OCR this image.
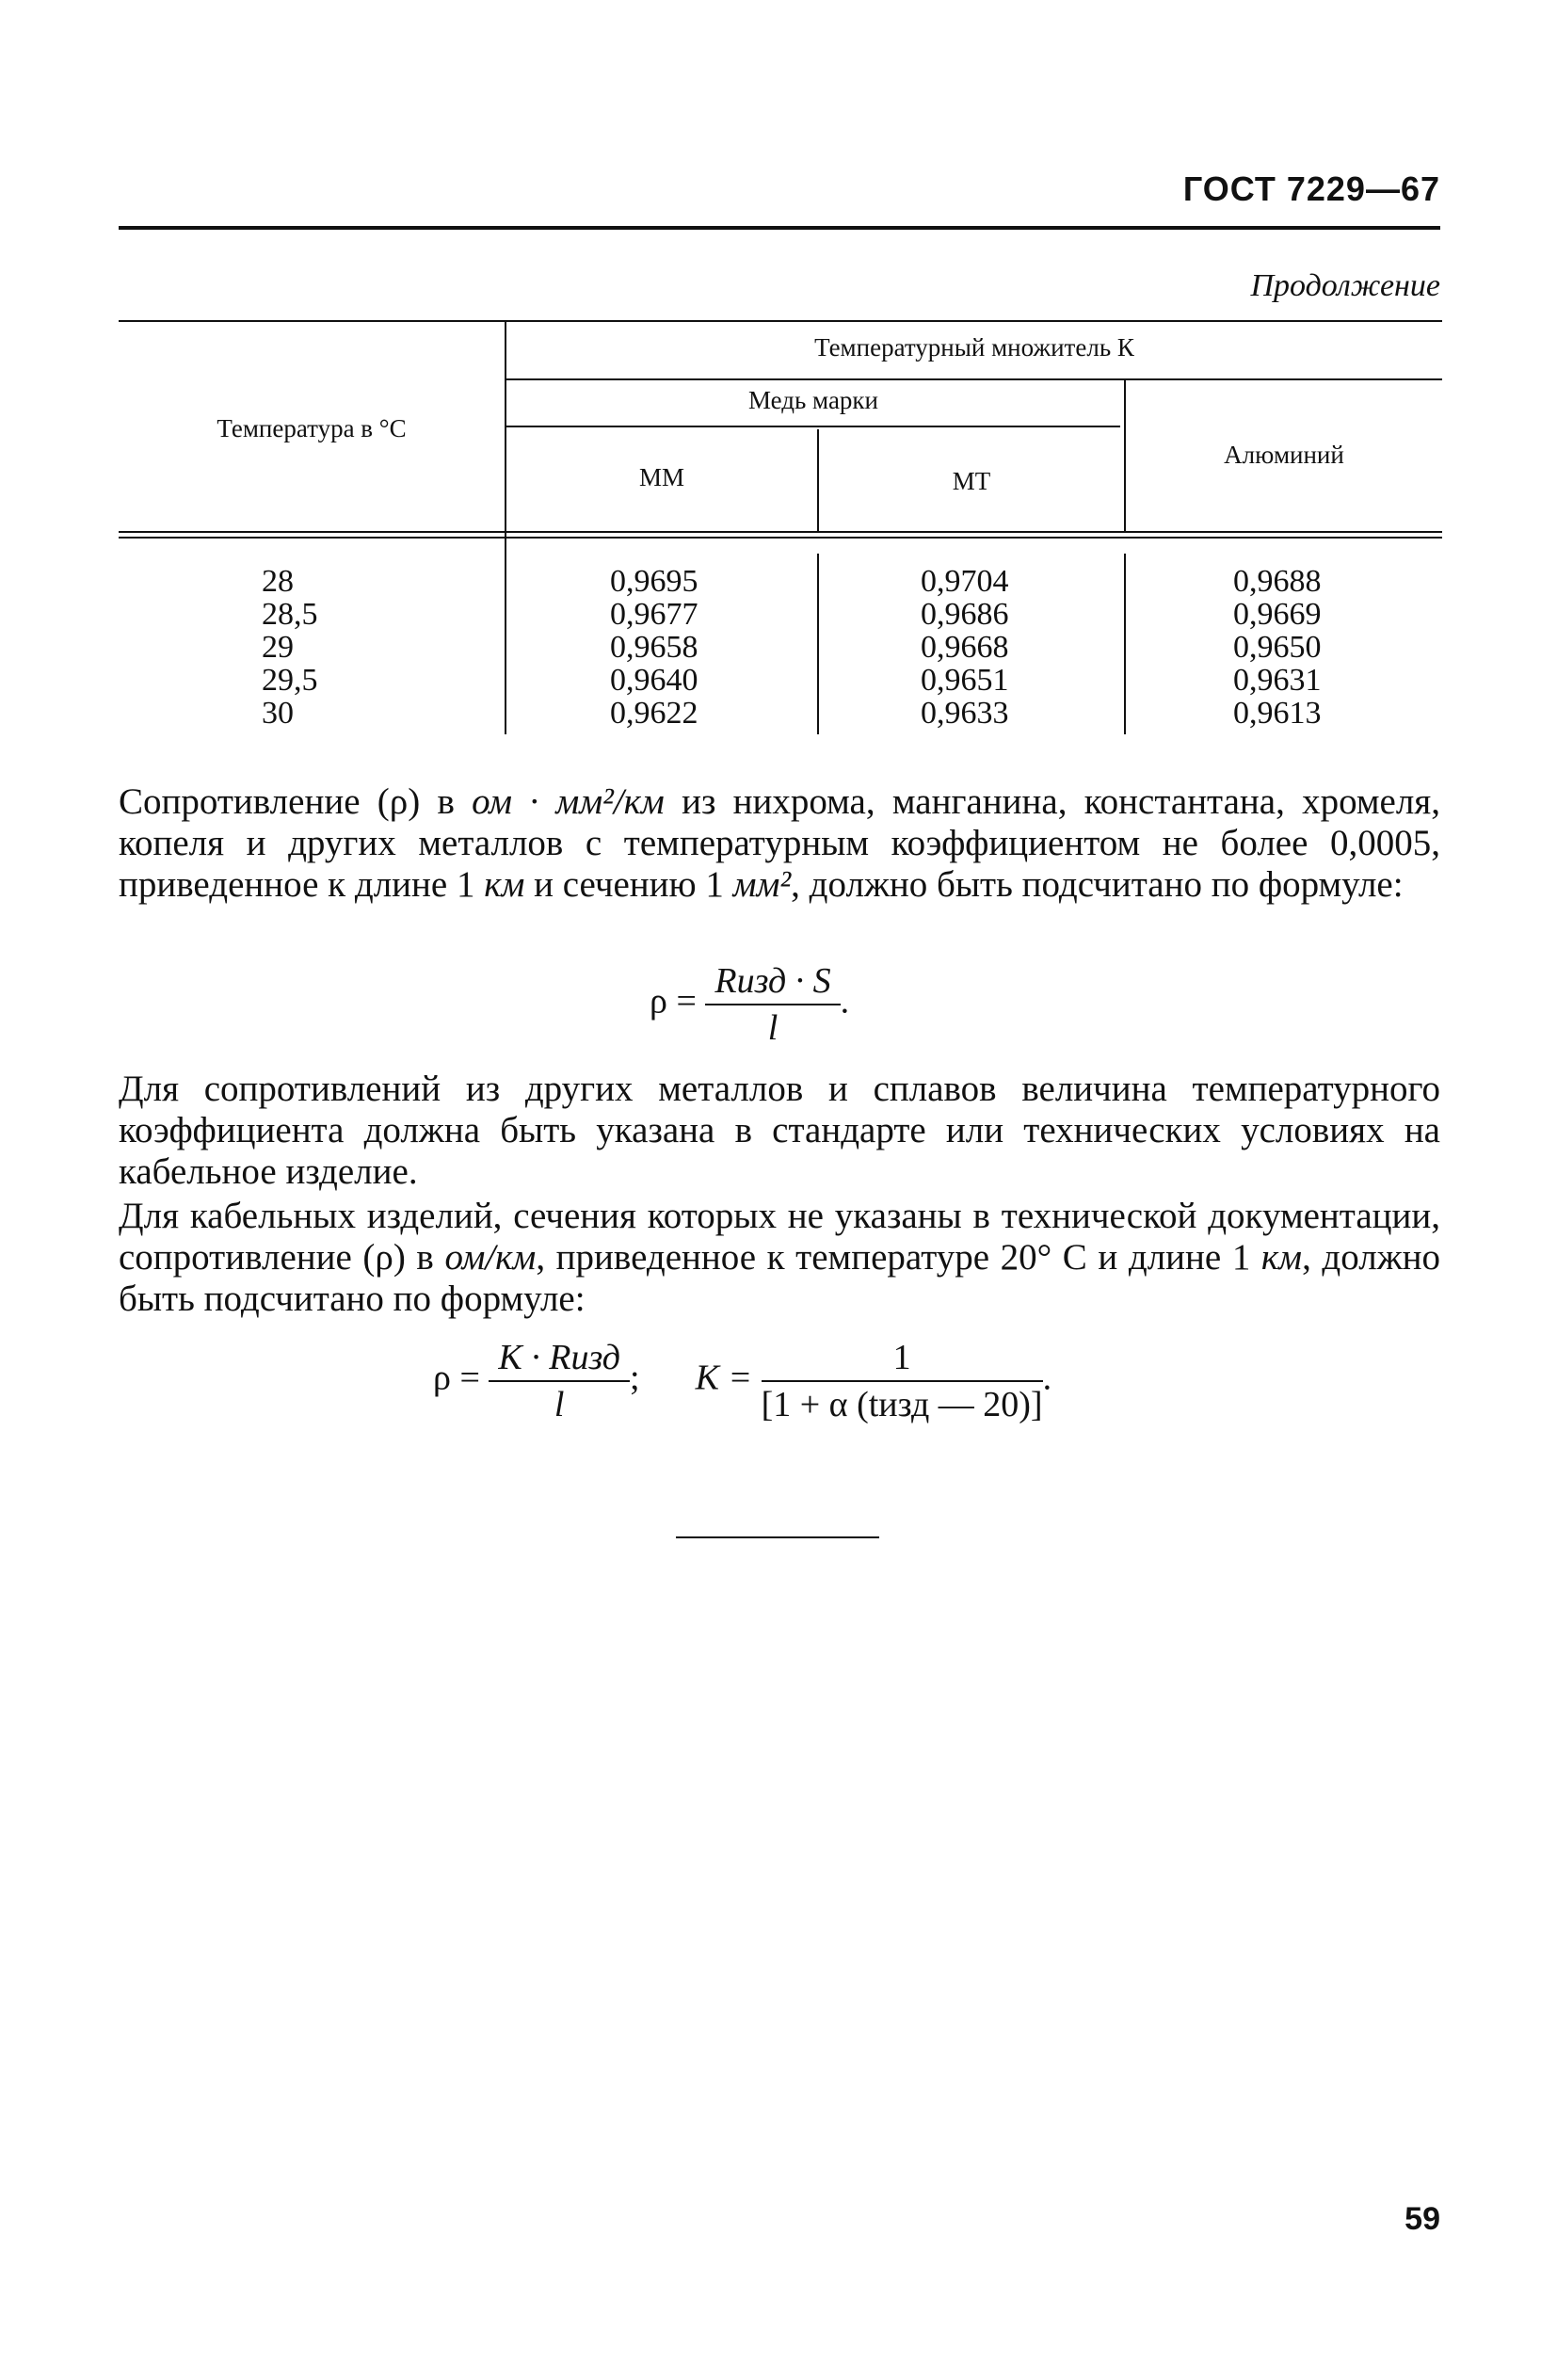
ГОСТ 7229—67
Продолжение
Температура в °С
Температурный множитель К
Медь марки
ММ	МТ
Алюминий
28
28,5
29
29,5
30
0,9695
0,9677
0,9658
0,9640
0,9622
0,9704
0,9686
0,9668
0,9651
0,9633
0,9688
0,9669
0,9650
0,9631
0,9613
Сопротивление (ρ) в ом · мм²/км из нихрома, манганина, константана, хромеля, копеля и других металлов с температурным коэффициентом не более 0,0005, приведенное к длине 1 км и сечению 1 мм², должно быть подсчитано по формуле:
$\rho = \frac{\text{Rизд · S}}{l}$ .
Для сопротивлений из других металлов и сплавов величина температурного коэффициента должна быть указана в стандарте или технических условиях на кабельное изделие.
Для кабельных изделий, сечения которых не указаны в технической документации, сопротивление (ρ) в ом/км, приведенное к температуре 20° С и длине 1 км, должно быть подсчитано по формуле:
$\rho = \frac{\text{K · Rизд}}{l}$ ; $K = \frac{1}{\text{[1 + α (tизд — 20)]}}$ .
59
